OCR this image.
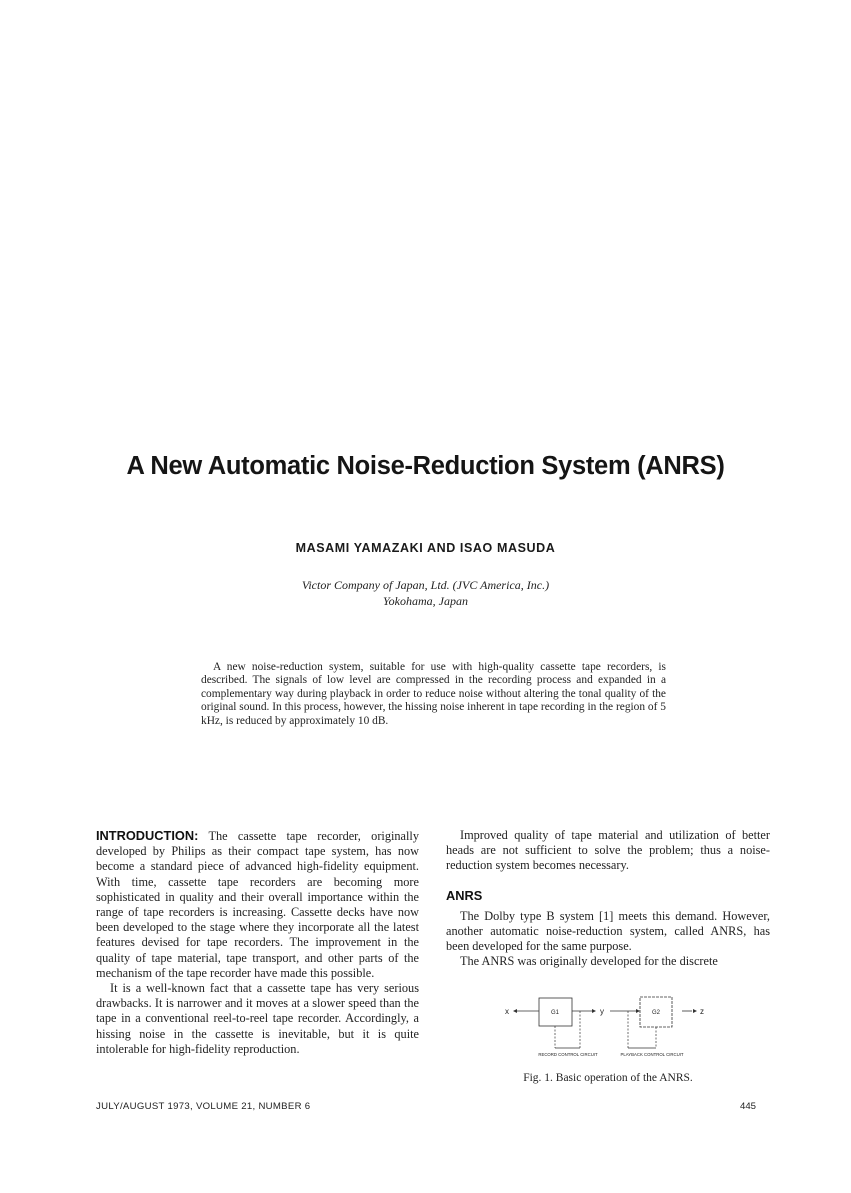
A New Automatic Noise-Reduction System (ANRS)
MASAMI YAMAZAKI AND ISAO MASUDA
Victor Company of Japan, Ltd. (JVC America, Inc.)
Yokohama, Japan

A new noise-reduction system, suitable for use with high-quality cassette tape recorders, is described. The signals of low level are compressed in the recording process and expanded in a complementary way during playback in order to reduce noise without altering the tonal quality of the original sound. In this process, however, the hissing noise inherent in tape recording in the region of 5 kHz, is reduced by approximately 10 dB.

INTRODUCTION: The cassette tape recorder, originally developed by Philips as their compact tape system, has now become a standard piece of advanced high-fidelity equipment. With time, cassette tape recorders are becoming more sophisticated in quality and their overall importance within the range of tape recorders is increasing. Cassette decks have now been developed to the stage where they incorporate all the latest features devised for tape recorders. The improvement in the quality of tape material, tape transport, and other parts of the mechanism of the tape recorder have made this possible.

It is a well-known fact that a cassette tape has very serious drawbacks. It is narrower and it moves at a slower speed than the tape in a conventional reel-to-reel tape recorder. Accordingly, a hissing noise in the cassette is inevitable, but it is quite intolerable for high-fidelity reproduction.

Improved quality of tape material and utilization of better heads are not sufficient to solve the problem; thus a noise-reduction system becomes necessary.

ANRS

The Dolby type B system [1] meets this demand. However, another automatic noise-reduction system, called ANRS, has been developed for the same purpose.

The ANRS was originally developed for the discrete

x	G1	y	G2	z
RECORD CONTROL CIRCUIT	PLAYBACK CONTROL CIRCUIT
Fig. 1. Basic operation of the ANRS.
JULY/AUGUST 1973, VOLUME 21, NUMBER 6	445
